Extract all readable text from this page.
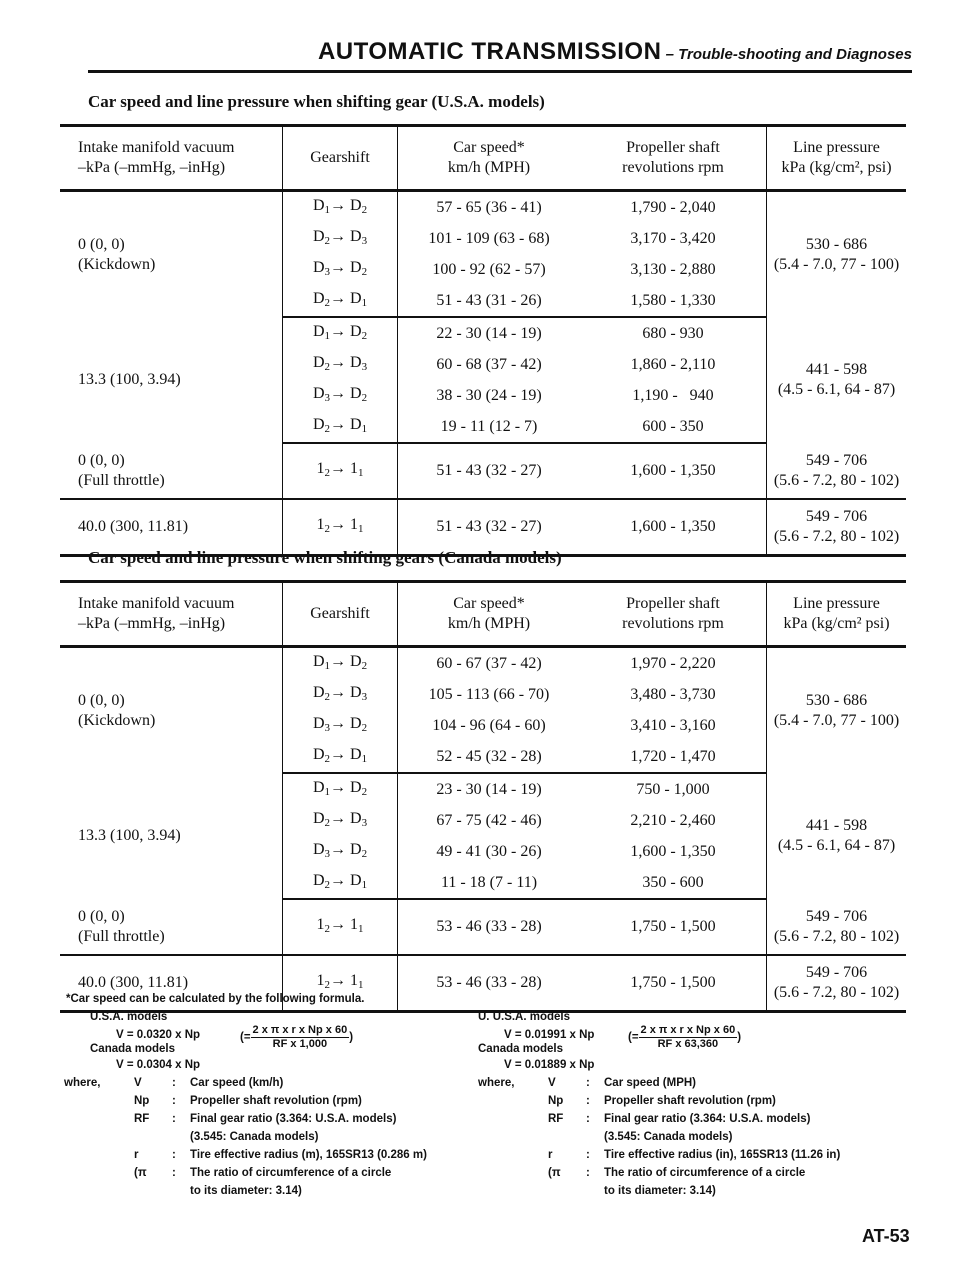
AUTOMATIC TRANSMISSION – Trouble-shooting and Diagnoses
Car speed and line pressure when shifting gear (U.S.A. models)
Intake manifold vacuum
–kPa (–mmHg, –inHg)	Gearshift	Car speed*
km/h (MPH)	Propeller shaft
revolutions rpm	Line pressure
kPa (kg/cm², psi)
0 (0, 0)
(Kickdown)	$D_1\to D_2$	57 - 65 (36 - 41)	1,790 - 2,040	530 - 686
(5.4 - 7.0, 77 - 100)
	$D_2\to D_3$	101 - 109 (63 - 68)	3,170 - 3,420	
	$D_3\to D_2$	100 - 92 (62 - 57)	3,130 - 2,880	
	$D_2\to D_1$	51 - 43 (31 - 26)	1,580 - 1,330	
13.3 (100, 3.94)	$D_1\to D_2$	22 - 30 (14 - 19)	680 - 930	441 - 598
(4.5 - 6.1, 64 - 87)
	$D_2\to D_3$	60 - 68 (37 - 42)	1,860 - 2,110	
	$D_3\to D_2$	38 - 30 (24 - 19)	1,190 -   940	
	$D_2\to D_1$	19 - 11 (12 - 7)	600 - 350	
0 (0, 0)
(Full throttle)	$1_2\to 1_1$	51 - 43 (32 - 27)	1,600 - 1,350	549 - 706
(5.6 - 7.2, 80 - 102)
40.0 (300, 11.81)	$1_2\to 1_1$	51 - 43 (32 - 27)	1,600 - 1,350	549 - 706
(5.6 - 7.2, 80 - 102)
Car speed and line pressure when shifting gears (Canada models)
Intake manifold vacuum
–kPa (–mmHg, –inHg)	Gearshift	Car speed*
km/h (MPH)	Propeller shaft
revolutions rpm	Line pressure
kPa (kg/cm² psi)
0 (0, 0)
(Kickdown)	$D_1\to D_2$	60 - 67 (37 - 42)	1,970 - 2,220	530 - 686
(5.4 - 7.0, 77 - 100)
	$D_2\to D_3$	105 - 113 (66 - 70)	3,480 - 3,730	
	$D_3\to D_2$	104 - 96 (64 - 60)	3,410 - 3,160	
	$D_2\to D_1$	52 - 45 (32 - 28)	1,720 - 1,470	
13.3 (100, 3.94)	$D_1\to D_2$	23 - 30 (14 - 19)	750 - 1,000	441 - 598
(4.5 - 6.1, 64 - 87)
	$D_2\to D_3$	67 - 75 (42 - 46)	2,210 - 2,460	
	$D_3\to D_2$	49 - 41 (30 - 26)	1,600 - 1,350	
	$D_2\to D_1$	11 - 18 (7 - 11)	350 - 600	
0 (0, 0)
(Full throttle)	$1_2\to 1_1$	53 - 46 (33 - 28)	1,750 - 1,500	549 - 706
(5.6 - 7.2, 80 - 102)
40.0 (300, 11.81)	$1_2\to 1_1$	53 - 46 (33 - 28)	1,750 - 1,500	549 - 706
(5.6 - 7.2, 80 - 102)
*Car speed can be calculated by the following formula.
U.S.A. models
V = 0.0320 x Np	(= $\frac{\text{2 x π x r x Np x 60}}{\text{RF x 1,000}}$ )
Canada models
V = 0.0304 x Np
where,	V	: Car speed (km/h)
Np : Propeller shaft revolution (rpm)
RF : Final gear ratio (3.364: U.S.A. models)
(3.545: Canada models)
r	: Tire effective radius (m), 165SR13 (0.286 m)
(π : The ratio of circumference of a circle
to its diameter: 3.14)
U. U.S.A. models
V = 0.01991 x Np	(= $\frac{\text{2 x π x r x Np x 60}}{\text{RF x 63,360}}$ )
Canada models
V = 0.01889 x Np
where,	V	: Car speed (MPH)
Np : Propeller shaft revolution (rpm)
RF : Final gear ratio (3.364: U.S.A. models)
(3.545: Canada models)
r	: Tire effective radius (in), 165SR13 (11.26 in)
(π : The ratio of circumference of a circle
to its diameter: 3.14)
AT-53
